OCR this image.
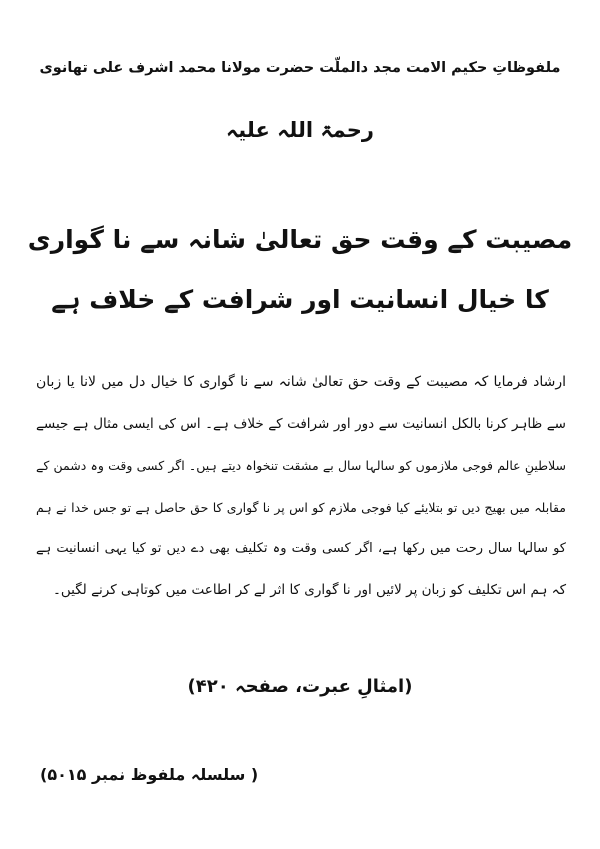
ملفوظاتِ حکیم الامت مجد دالملّت حضرت مولانا محمد اشرف علی تھانوی
رحمۃ اللہ علیہ
مصیبت کے وقت حق تعالیٰ شانہ سے نا گواری
کا خیال انسانیت اور شرافت کے خلاف ہے
ارشاد فرمایا کہ مصیبت کے وقت حق تعالیٰ شانہ سے نا گواری کا خیال دل میں لانا یا زبان
سے ظاہر کرنا بالکل انسانیت سے دور اور شرافت کے خلاف ہے۔ اس کی ایسی مثال ہے جیسے
سلاطینِ عالم فوجی ملازموں کو سالہا سال بے مشقت تنخواہ دیتے ہیں۔ اگر کسی وقت وہ دشمن کے
مقابلہ میں بھیج دیں تو بتلایئے کیا فوجی ملازم کو اس پر نا گواری کا حق حاصل ہے تو جس خدا نے ہم
کو سالہا سال رحت میں رکھا ہے، اگر کسی وقت وہ تکلیف بھی دے دیں تو کیا یہی انسانیت ہے
کہ ہم اس تکلیف کو زبان پر لائیں اور نا گواری کا اثر لے کر اطاعت میں کوتاہی کرنے لگیں۔
(امثالِ عبرت، صفحہ ۴۲۰)
( سلسلہ ملفوظ نمبر ۵۰۱۵)
